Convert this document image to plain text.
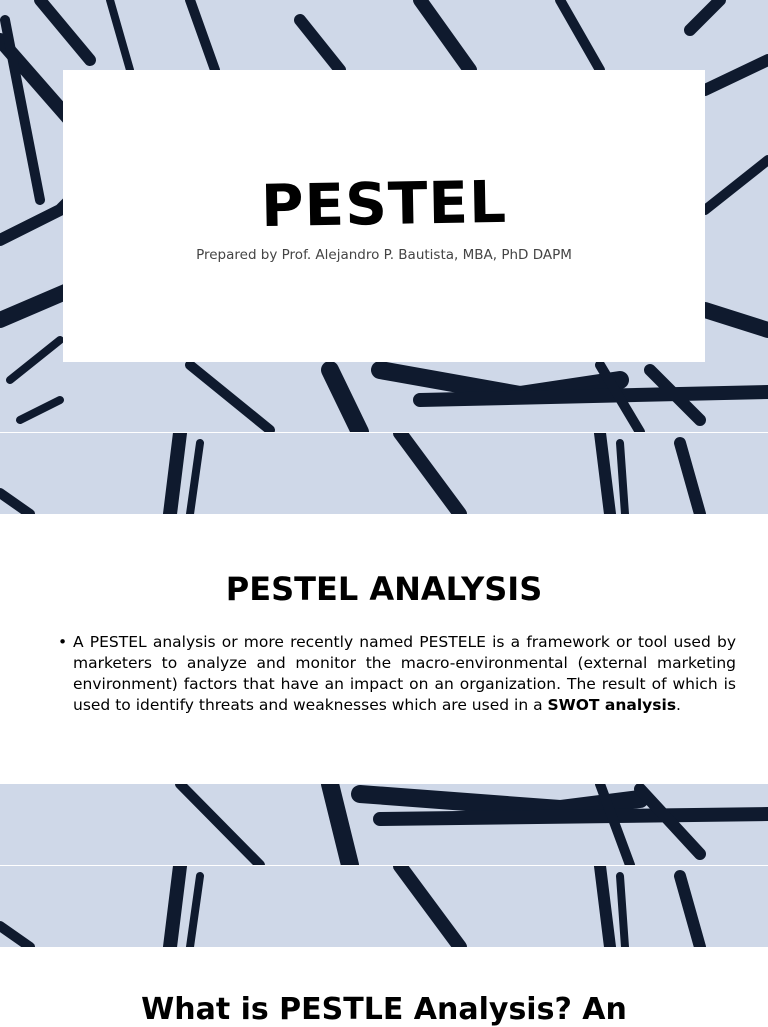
PESTEL
Prepared by Prof. Alejandro P. Bautista, MBA, PhD DAPM
PESTEL ANALYSIS
• A PESTEL analysis or more recently named PESTELE is a framework or tool used by marketers to analyze and monitor the macro-environmental (external marketing environment) factors that have an impact on an organization. The result of which is used to identify threats and weaknesses which are used in a SWOT analysis.
What is PESTLE Analysis? An
